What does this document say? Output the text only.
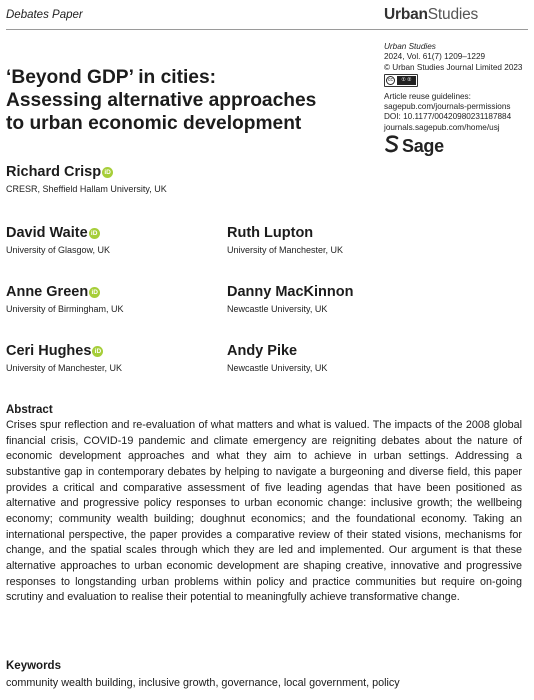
Debates Paper	UrbanStudies
Urban Studies
2024, Vol. 61(7) 1209–1229
© Urban Studies Journal Limited 2023
cc	① ②
Article reuse guidelines:
sagepub.com/journals-permissions
DOI: 10.1177/00420980231187884
journals.sagepub.com/home/usj
Sage
‘Beyond GDP’ in cities:
Assessing alternative approaches
to urban economic development
Richard Crisp iD
CRESR, Sheffield Hallam University, UK
David Waite iD
University of Glasgow, UK
Ruth Lupton
University of Manchester, UK
Anne Green iD
University of Birmingham, UK
Danny MacKinnon
Newcastle University, UK
Ceri Hughes iD
University of Manchester, UK
Andy Pike
Newcastle University, UK
Abstract
Crises spur reflection and re-evaluation of what matters and what is valued. The impacts of the 2008 global financial crisis, COVID-19 pandemic and climate emergency are reigniting debates about the nature of economic development approaches and what they aim to achieve in urban settings. Addressing a substantive gap in contemporary debates by helping to navigate a burgeoning and diverse field, this paper provides a critical and comparative assessment of five leading agendas that have been positioned as alternative and progressive policy responses to urban economic change: inclusive growth; the wellbeing economy; community wealth building; doughnut economics; and the foundational economy. Taking an international perspective, the paper provides a comparative review of their stated visions, mechanisms for change, and the spatial scales through which they are led and implemented. Our argument is that these alternative approaches to urban economic development are shaping creative, innovative and progressive responses to longstanding urban problems within policy and practice communities but require on-going scrutiny and evaluation to realise their potential to meaningfully achieve transformative change.
Keywords
community wealth building, inclusive growth, governance, local government, policy
